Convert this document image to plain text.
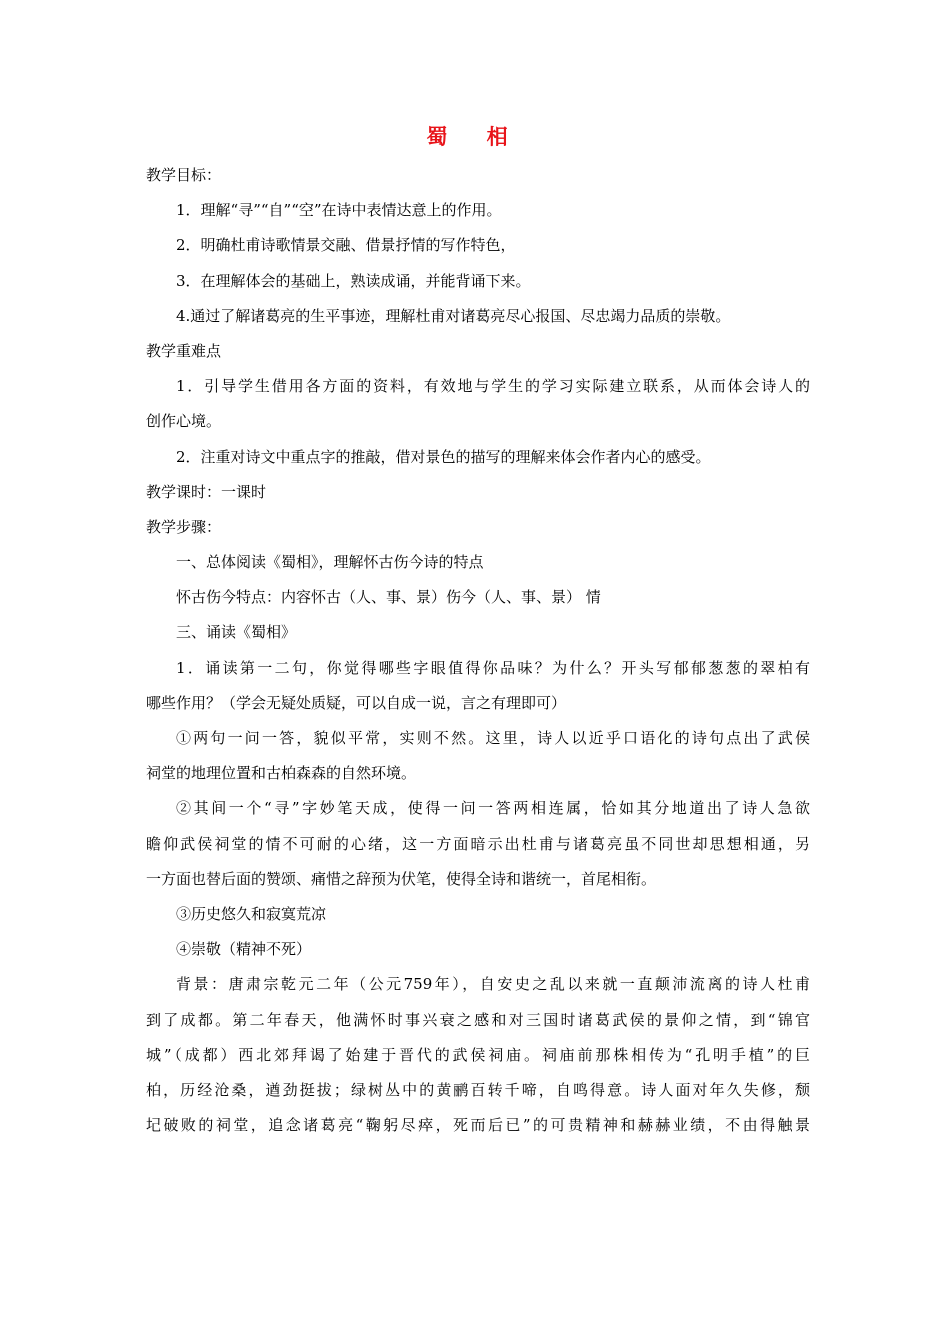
蜀 相
教学目标：
1．理解“寻”“自”“空”在诗中表情达意上的作用。
2．明确杜甫诗歌情景交融、借景抒情的写作特色，
3．在理解体会的基础上，熟读成诵，并能背诵下来。
4.通过了解诸葛亮的生平事迹，理解杜甫对诸葛亮尽心报国、尽忠竭力品质的崇敬。
教学重难点
1．引导学生借用各方面的资料，有效地与学生的学习实际建立联系，从而体会诗人的
创作心境。
2．注重对诗文中重点字的推敲，借对景色的描写的理解来体会作者内心的感受。
教学课时：一课时
教学步骤：
一、总体阅读《蜀相》，理解怀古伤今诗的特点
怀古伤今特点：内容怀古（人、事、景）伤今（人、事、景） 情
三、诵读《蜀相》
1．诵读第一二句，你觉得哪些字眼值得你品味？为什么？开头写郁郁葱葱的翠柏有
哪些作用？（学会无疑处质疑，可以自成一说，言之有理即可）
①两句一问一答，貌似平常，实则不然。这里，诗人以近乎口语化的诗句点出了武侯
祠堂的地理位置和古柏森森的自然环境。
②其间一个“寻”字妙笔天成，使得一问一答两相连属，恰如其分地道出了诗人急欲
瞻仰武侯祠堂的情不可耐的心绪，这一方面暗示出杜甫与诸葛亮虽不同世却思想相通，另
一方面也替后面的赞颂、痛惜之辞预为伏笔，使得全诗和谐统一，首尾相衔。
③历史悠久和寂寞荒凉
④崇敬（精神不死）
背景：唐肃宗乾元二年（公元759年），自安史之乱以来就一直颠沛流离的诗人杜甫
到了成都。第二年春天，他满怀时事兴衰之感和对三国时诸葛武侯的景仰之情，到“锦官
城”（成都）西北郊拜谒了始建于晋代的武侯祠庙。祠庙前那株相传为“孔明手植”的巨
柏，历经沧桑，遒劲挺拔；绿树丛中的黄鹂百转千啼，自鸣得意。诗人面对年久失修，颓
圮破败的祠堂，追念诸葛亮“鞠躬尽瘁，死而后已”的可贵精神和赫赫业绩，不由得触景
